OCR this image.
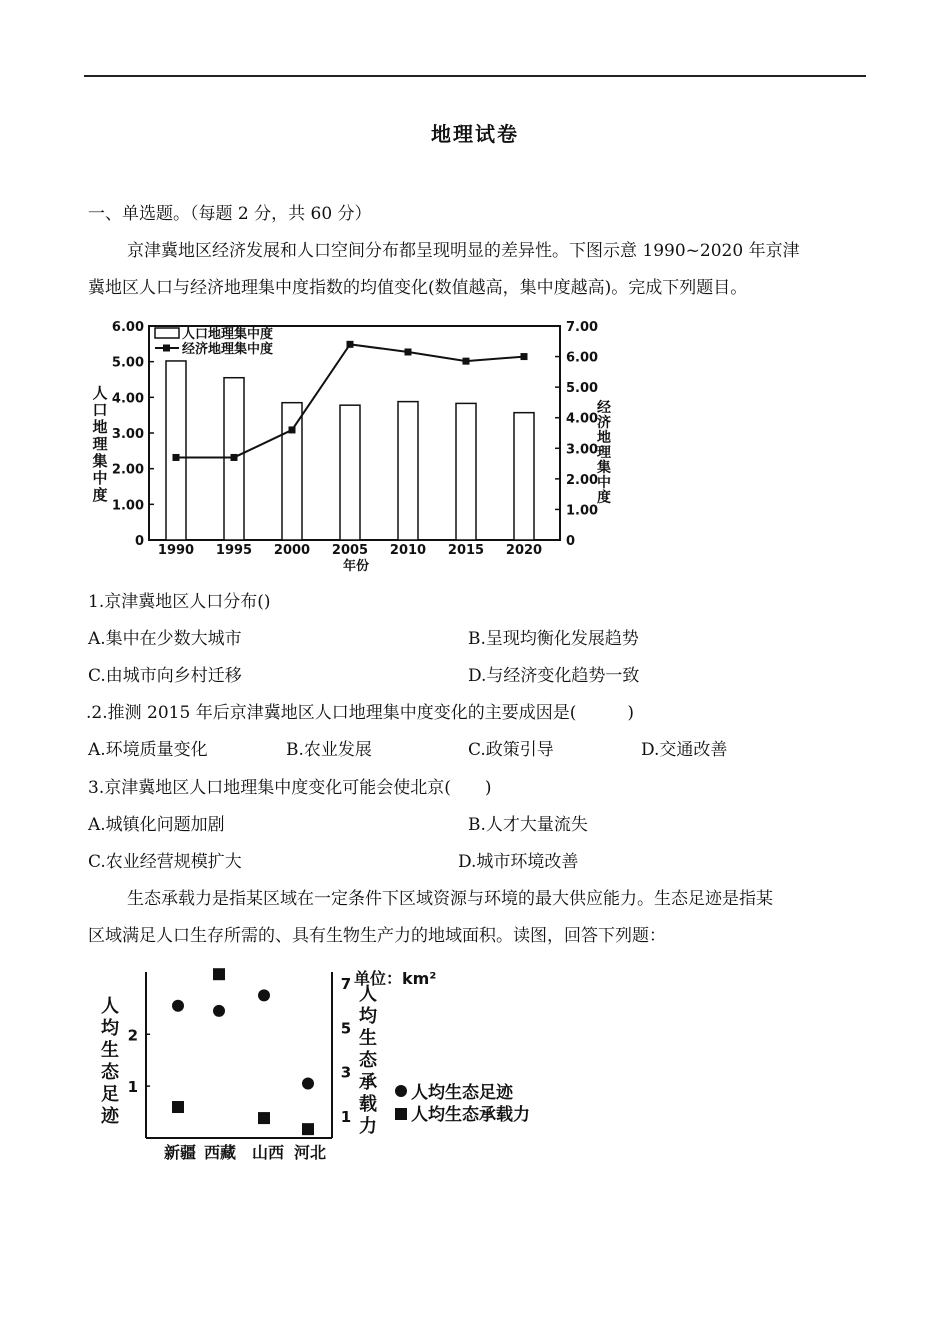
地理试卷
一、单选题。（每题 2 分，共 60 分）
京津冀地区经济发展和人口空间分布都呈现明显的差异性。下图示意 1990~2020 年京津
冀地区人口与经济地理集中度指数的均值变化(数值越高，集中度越高)。完成下列题目。
0
1.00
2.00
3.00
4.00
5.00
6.00
0
1.00
2.00
3.00
4.00
5.00
6.00
7.00
1990 1995 2000 2005 2010 2015 2020
年份
人
口
地
理
集
中
度
经
济
地
理
集
中
度
人口地理集中度
经济地理集中度
1.京津冀地区人口分布()
A.集中在少数大城市	B.呈现均衡化发展趋势
C.由城市向乡村迁移	D.与经济变化趋势一致
.2.推测 2015 年后京津冀地区人口地理集中度变化的主要成因是(　　　)
A.环境质量变化	B.农业发展	C.政策引导	D.交通改善
3.京津冀地区人口地理集中度变化可能会使北京(　　)
A.城镇化问题加剧	B.人才大量流失
C.农业经营规模扩大	D.城市环境改善
生态承载力是指某区域在一定条件下区域资源与环境的最大供应能力。生态足迹是指某
区域满足人口生存所需的、具有生物生产力的地域面积。读图，回答下列题：
1
2
1
3
5
7
新疆 西藏 山西 河北
人
均
生
态
足
迹
人
均
生
态
承
载
力
单位：km²
人均生态足迹
人均生态承载力
